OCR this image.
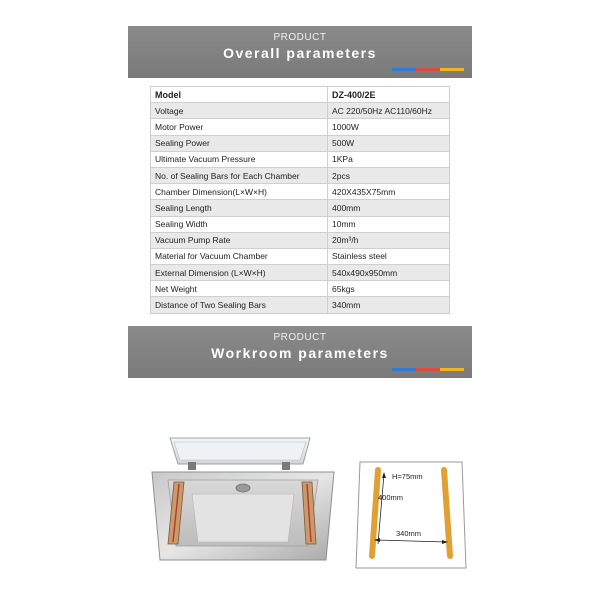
PRODUCT
Overall parameters
Model	DZ-400/2E
Voltage	AC 220/50Hz AC110/60Hz
Motor Power	1000W
Sealing Power	500W
Ultimate Vacuum Pressure	1KPa
No. of Sealing Bars for Each Chamber	2pcs
Chamber Dimension(L×W×H)	420X435X75mm
Sealing Length	400mm
Sealing Width	10mm
Vacuum Pump Rate	20m³/h
Material for Vacuum Chamber	Stainless steel
External Dimension (L×W×H)	540x490x950mm
Net Weight	65kgs
Distance of Two Sealing Bars	340mm
PRODUCT
Workroom parameters
H=75mm
400mm
340mm
